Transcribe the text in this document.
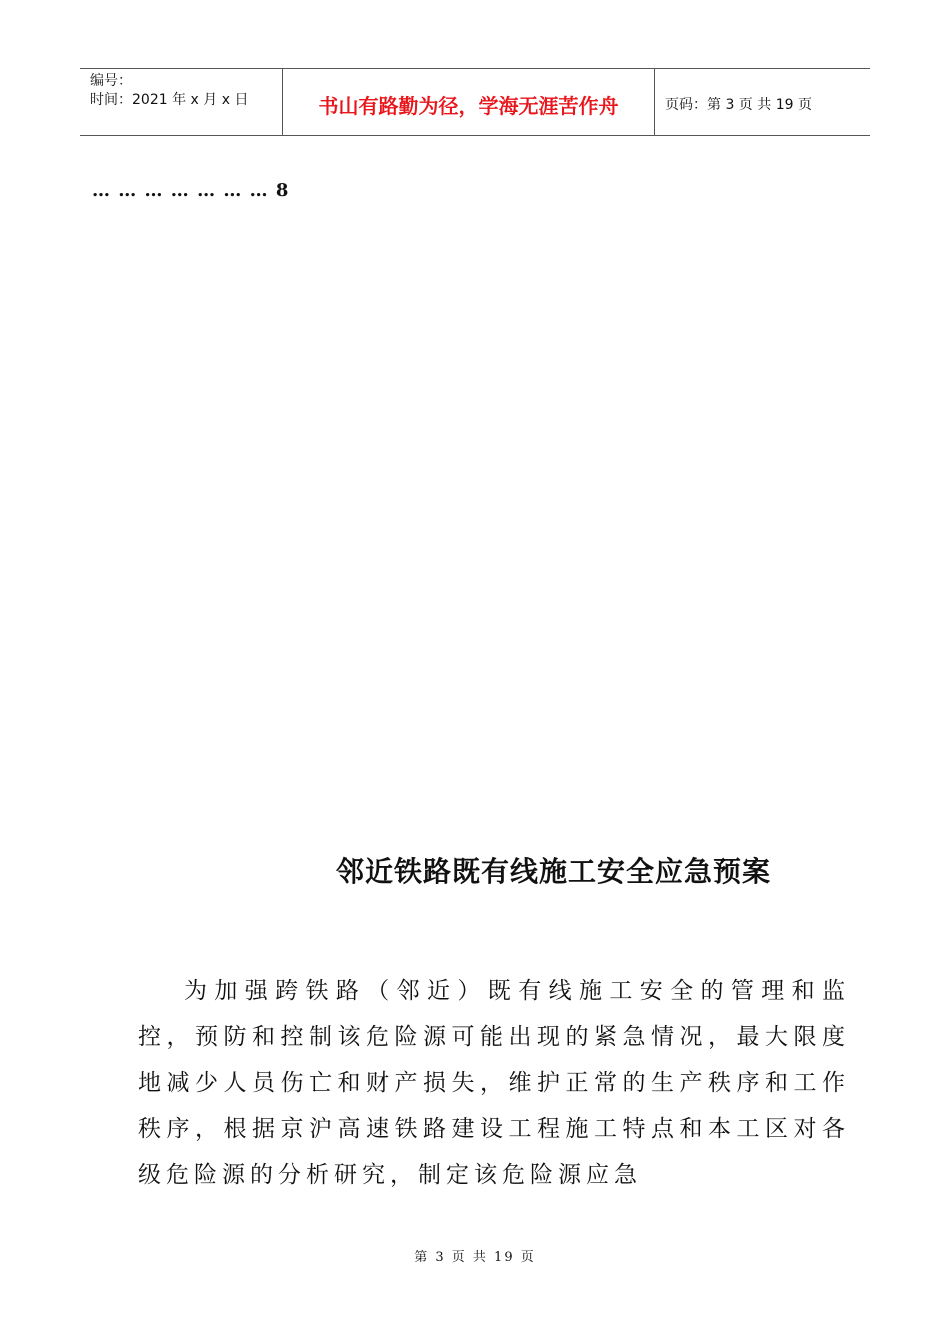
编号：
时间：2021 年 x 月 x 日	书山有路勤为径，学海无涯苦作舟	页码：第 3 页 共 19 页
… … … … … … … 8
邻近铁路既有线施工安全应急预案
为加强跨铁路（邻近）既有线施工安全的管理和监控，预防和控制该危险源可能出现的紧急情况，最大限度地减少人员伤亡和财产损失，维护正常的生产秩序和工作秩序，根据京沪高速铁路建设工程施工特点和本工区对各级危险源的分析研究，制定该危险源应急
第 3 页 共 19 页
